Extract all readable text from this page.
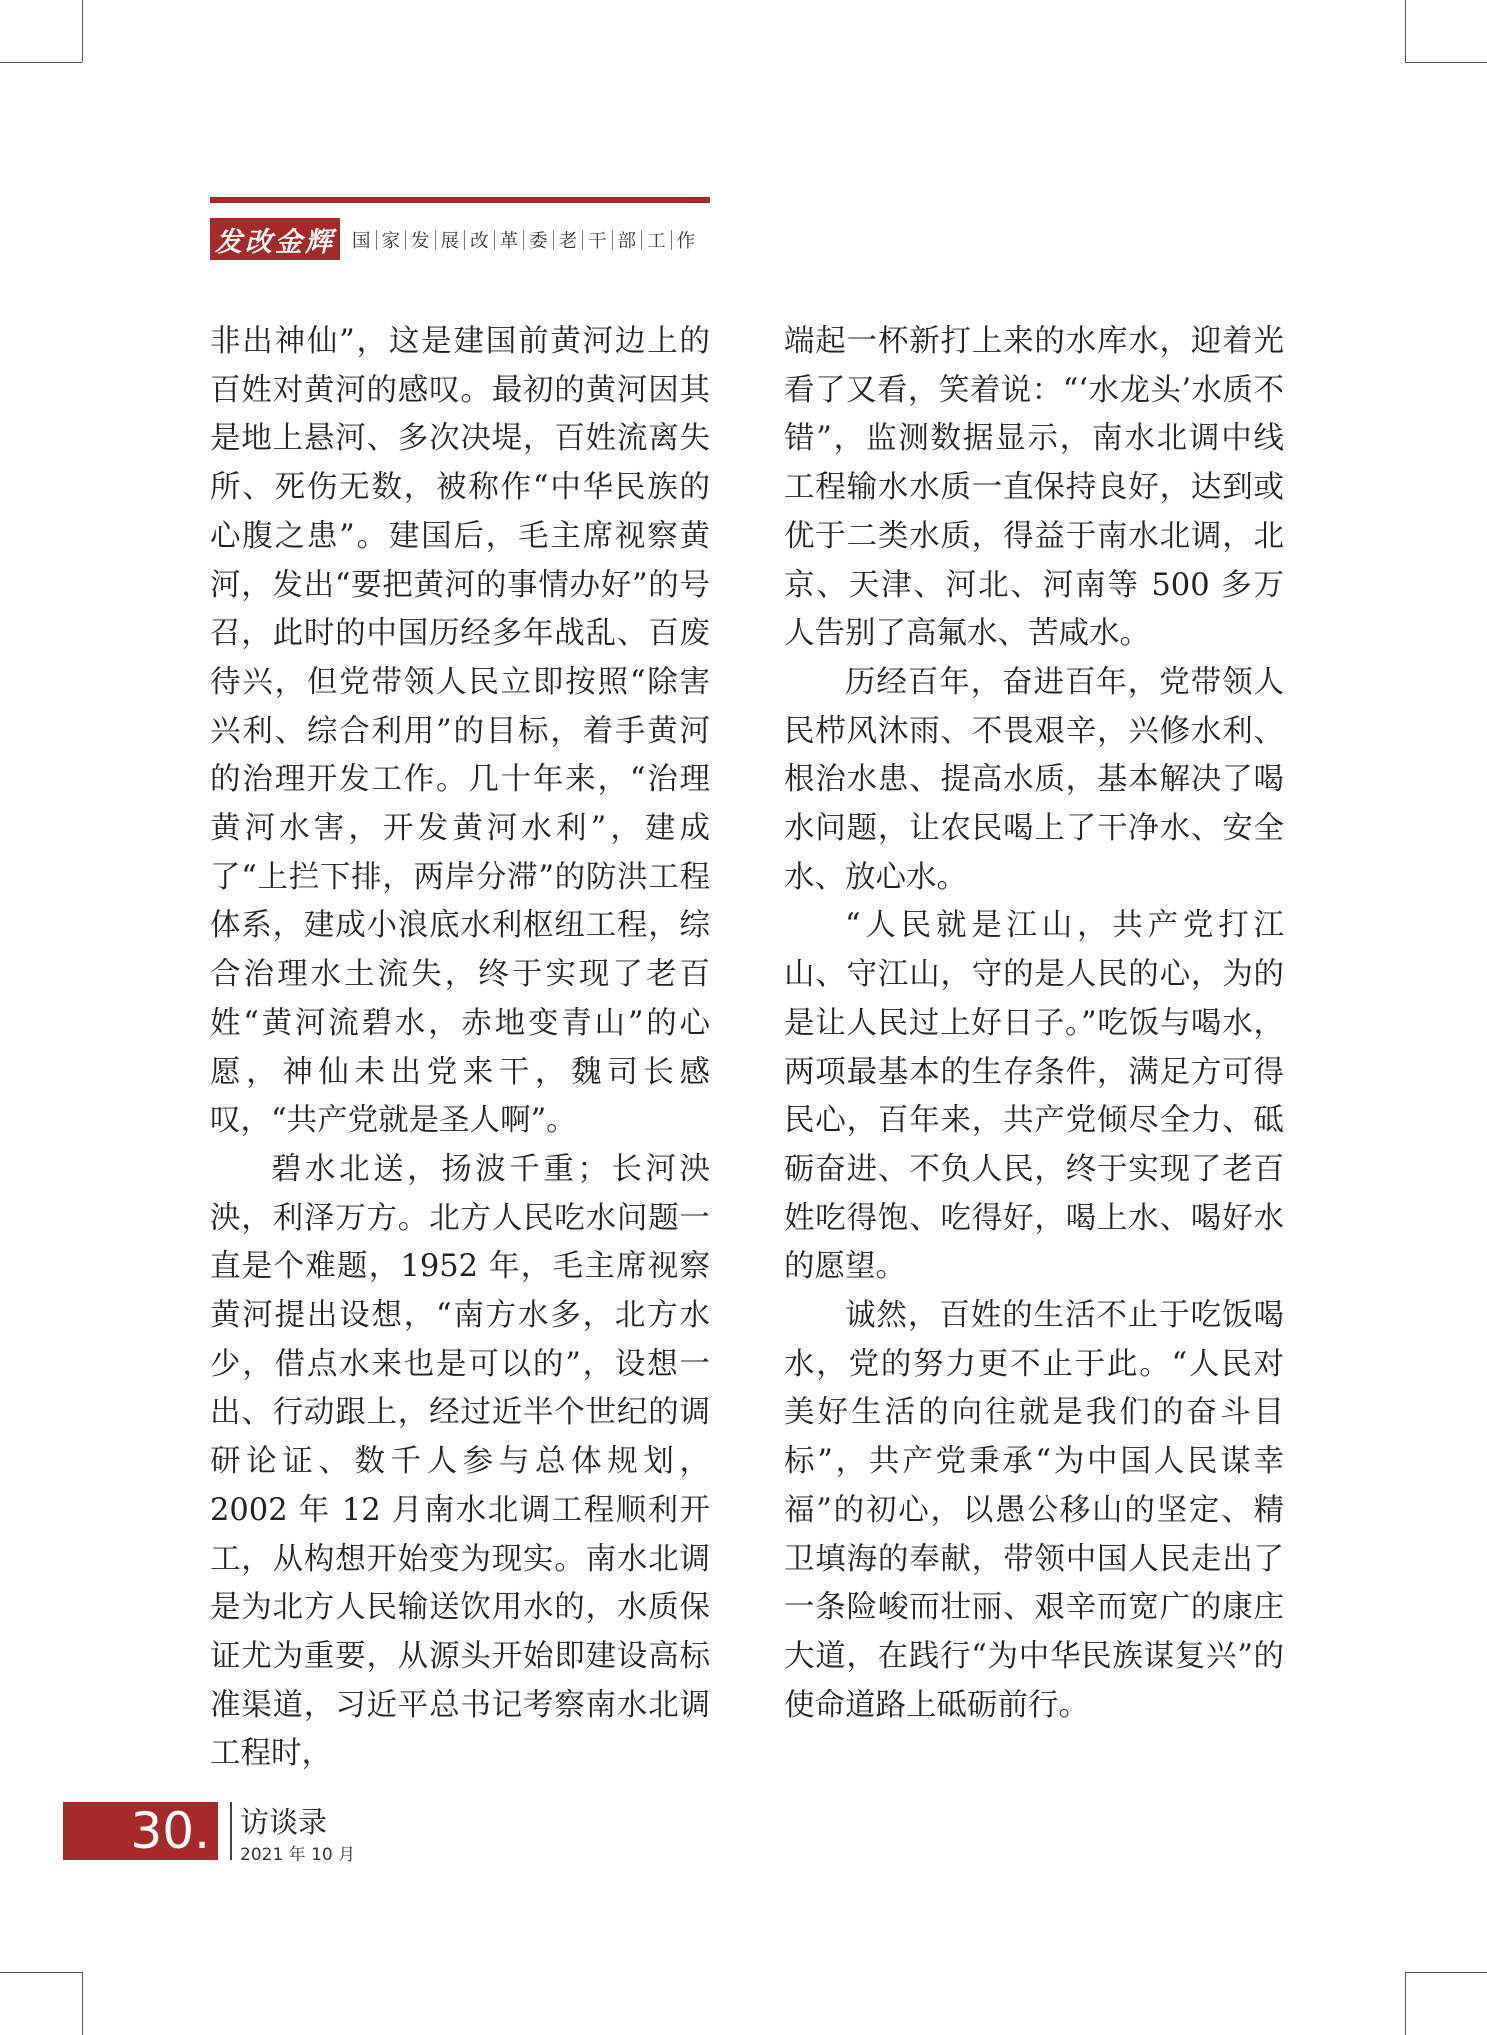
发改金辉 国 家 发 展 改 革 委 老 干 部 工 作

非出神仙”，这是建国前黄河边上的百姓对黄河的感叹。最初的黄河因其是地上悬河、多次决堤，百姓流离失所、死伤无数，被称作“中华民族的心腹之患”。建国后，毛主席视察黄河，发出“要把黄河的事情办好”的号召，此时的中国历经多年战乱、百废待兴，但党带领人民立即按照“除害兴利、综合利用”的目标，着手黄河的治理开发工作。几十年来，“治理黄河水害，开发黄河水利”，建成了“上拦下排，两岸分滞”的防洪工程体系，建成小浪底水利枢纽工程，综合治理水土流失，终于实现了老百姓“黄河流碧水，赤地变青山”的心愿，神仙未出党来干，魏司长感叹，“共产党就是圣人啊”。

碧水北送，扬波千重；长河泱泱，利泽万方。北方人民吃水问题一直是个难题，1952 年，毛主席视察黄河提出设想，“南方水多，北方水少，借点水来也是可以的”，设想一出、行动跟上，经过近半个世纪的调研论证、数千人参与总体规划，2002 年 12 月南水北调工程顺利开工，从构想开始变为现实。南水北调是为北方人民输送饮用水的，水质保证尤为重要，从源头开始即建设高标准渠道，习近平总书记考察南水北调工程时，

端起一杯新打上来的水库水，迎着光看了又看，笑着说：“‘水龙头’水质不错”，监测数据显示，南水北调中线工程输水水质一直保持良好，达到或优于二类水质，得益于南水北调，北京、天津、河北、河南等 500 多万人告别了高氟水、苦咸水。

历经百年，奋进百年，党带领人民栉风沐雨、不畏艰辛，兴修水利、根治水患、提高水质，基本解决了喝水问题，让农民喝上了干净水、安全水、放心水。

“人民就是江山，共产党打江山、守江山，守的是人民的心，为的是让人民过上好日子。”吃饭与喝水，两项最基本的生存条件，满足方可得民心，百年来，共产党倾尽全力、砥砺奋进、不负人民，终于实现了老百姓吃得饱、吃得好，喝上水、喝好水的愿望。

诚然，百姓的生活不止于吃饭喝水，党的努力更不止于此。“人民对美好生活的向往就是我们的奋斗目标”，共产党秉承“为中国人民谋幸福”的初心，以愚公移山的坚定、精卫填海的奉献，带领中国人民走出了一条险峻而壮丽、艰辛而宽广的康庄大道，在践行“为中华民族谋复兴”的使命道路上砥砺前行。

30. 访谈录
2021 年 10 月
